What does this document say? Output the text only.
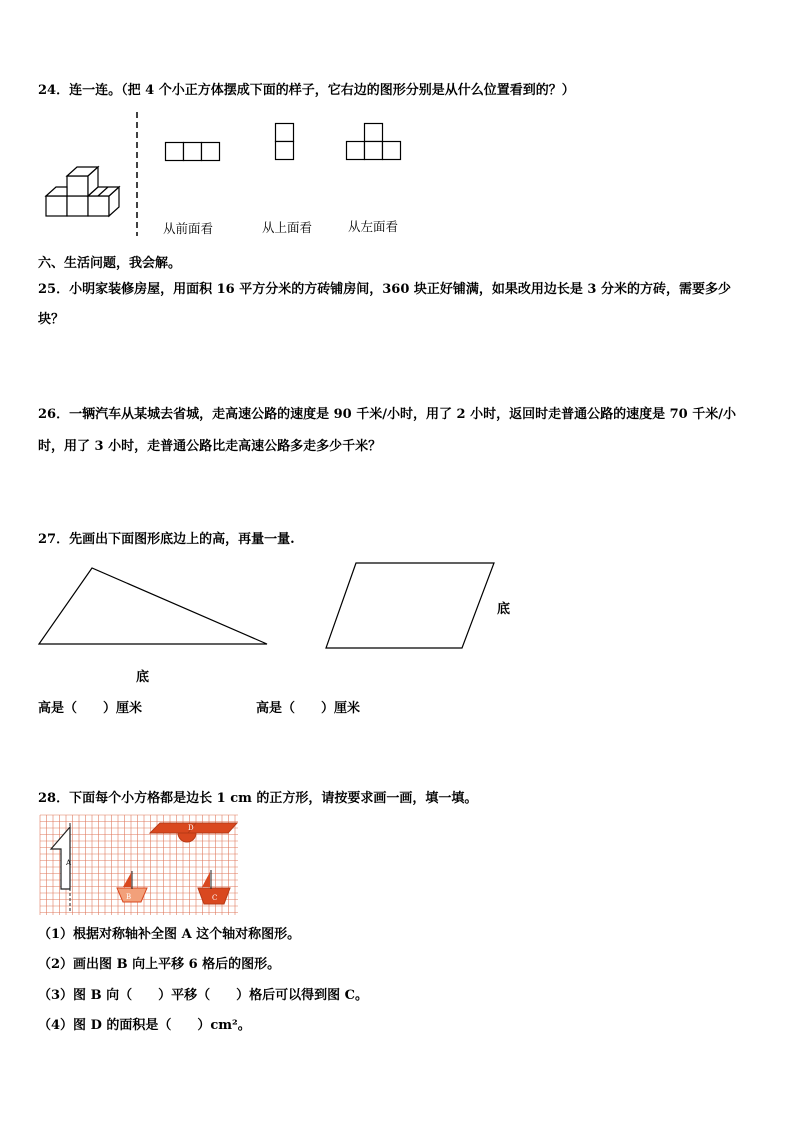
24．连一连。（把 4 个小正方体摆成下面的样子，它右边的图形分别是从什么位置看到的？）
从前面看	从上面看	从左面看
六、生活问题，我会解。
25．小明家装修房屋，用面积 16 平方分米的方砖铺房间，360 块正好铺满，如果改用边长是 3 分米的方砖，需要多少
块？
26．一辆汽车从某城去省城，走高速公路的速度是 90 千米/小时，用了 2 小时，返回时走普通公路的速度是 70 千米/小
时，用了 3 小时，走普通公路比走高速公路多走多少千米？
27．先画出下面图形底边上的高，再量一量.
底
底
高是（　　）厘米	高是（　　）厘米
28．下面每个小方格都是边长 1 cm 的正方形，请按要求画一画，填一填。
A
B	C
D
（1）根据对称轴补全图 A 这个轴对称图形。
（2）画出图 B 向上平移 6 格后的图形。
（3）图 B 向（　　）平移（　　）格后可以得到图 C。
（4）图 D 的面积是（　　）cm²。
